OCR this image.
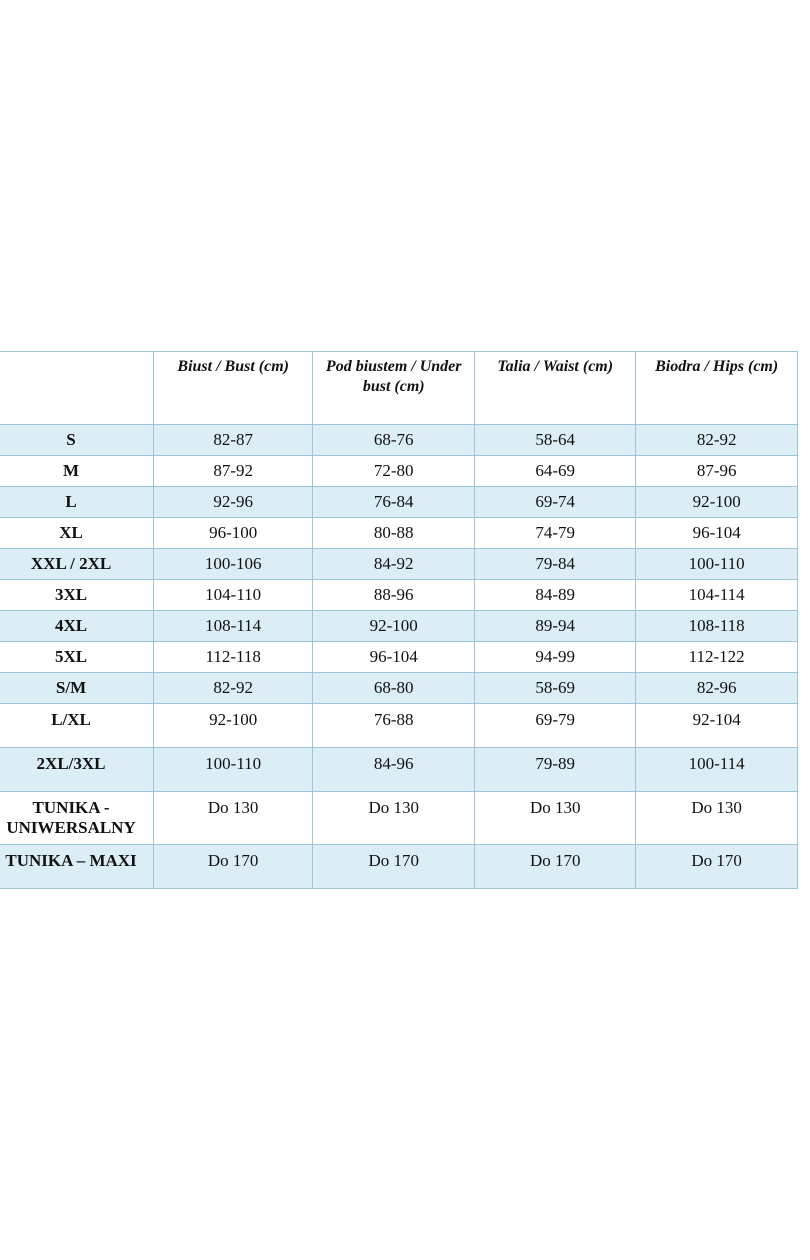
	Biust / Bust (cm)	Pod biustem / Under bust (cm)	Talia / Waist (cm)	Biodra / Hips (cm)
S	82-87	68-76	58-64	82-92
M	87-92	72-80	64-69	87-96
L	92-96	76-84	69-74	92-100
XL	96-100	80-88	74-79	96-104
XXL / 2XL	100-106	84-92	79-84	100-110
3XL	104-110	88-96	84-89	104-114
4XL	108-114	92-100	89-94	108-118
5XL	112-118	96-104	94-99	112-122
S/M	82-92	68-80	58-69	82-96
L/XL	92-100	76-88	69-79	92-104
2XL/3XL	100-110	84-96	79-89	100-114
TUNIKA - UNIWERSALNY	Do 130	Do 130	Do 130	Do 130
TUNIKA – MAXI	Do 170	Do 170	Do 170	Do 170
